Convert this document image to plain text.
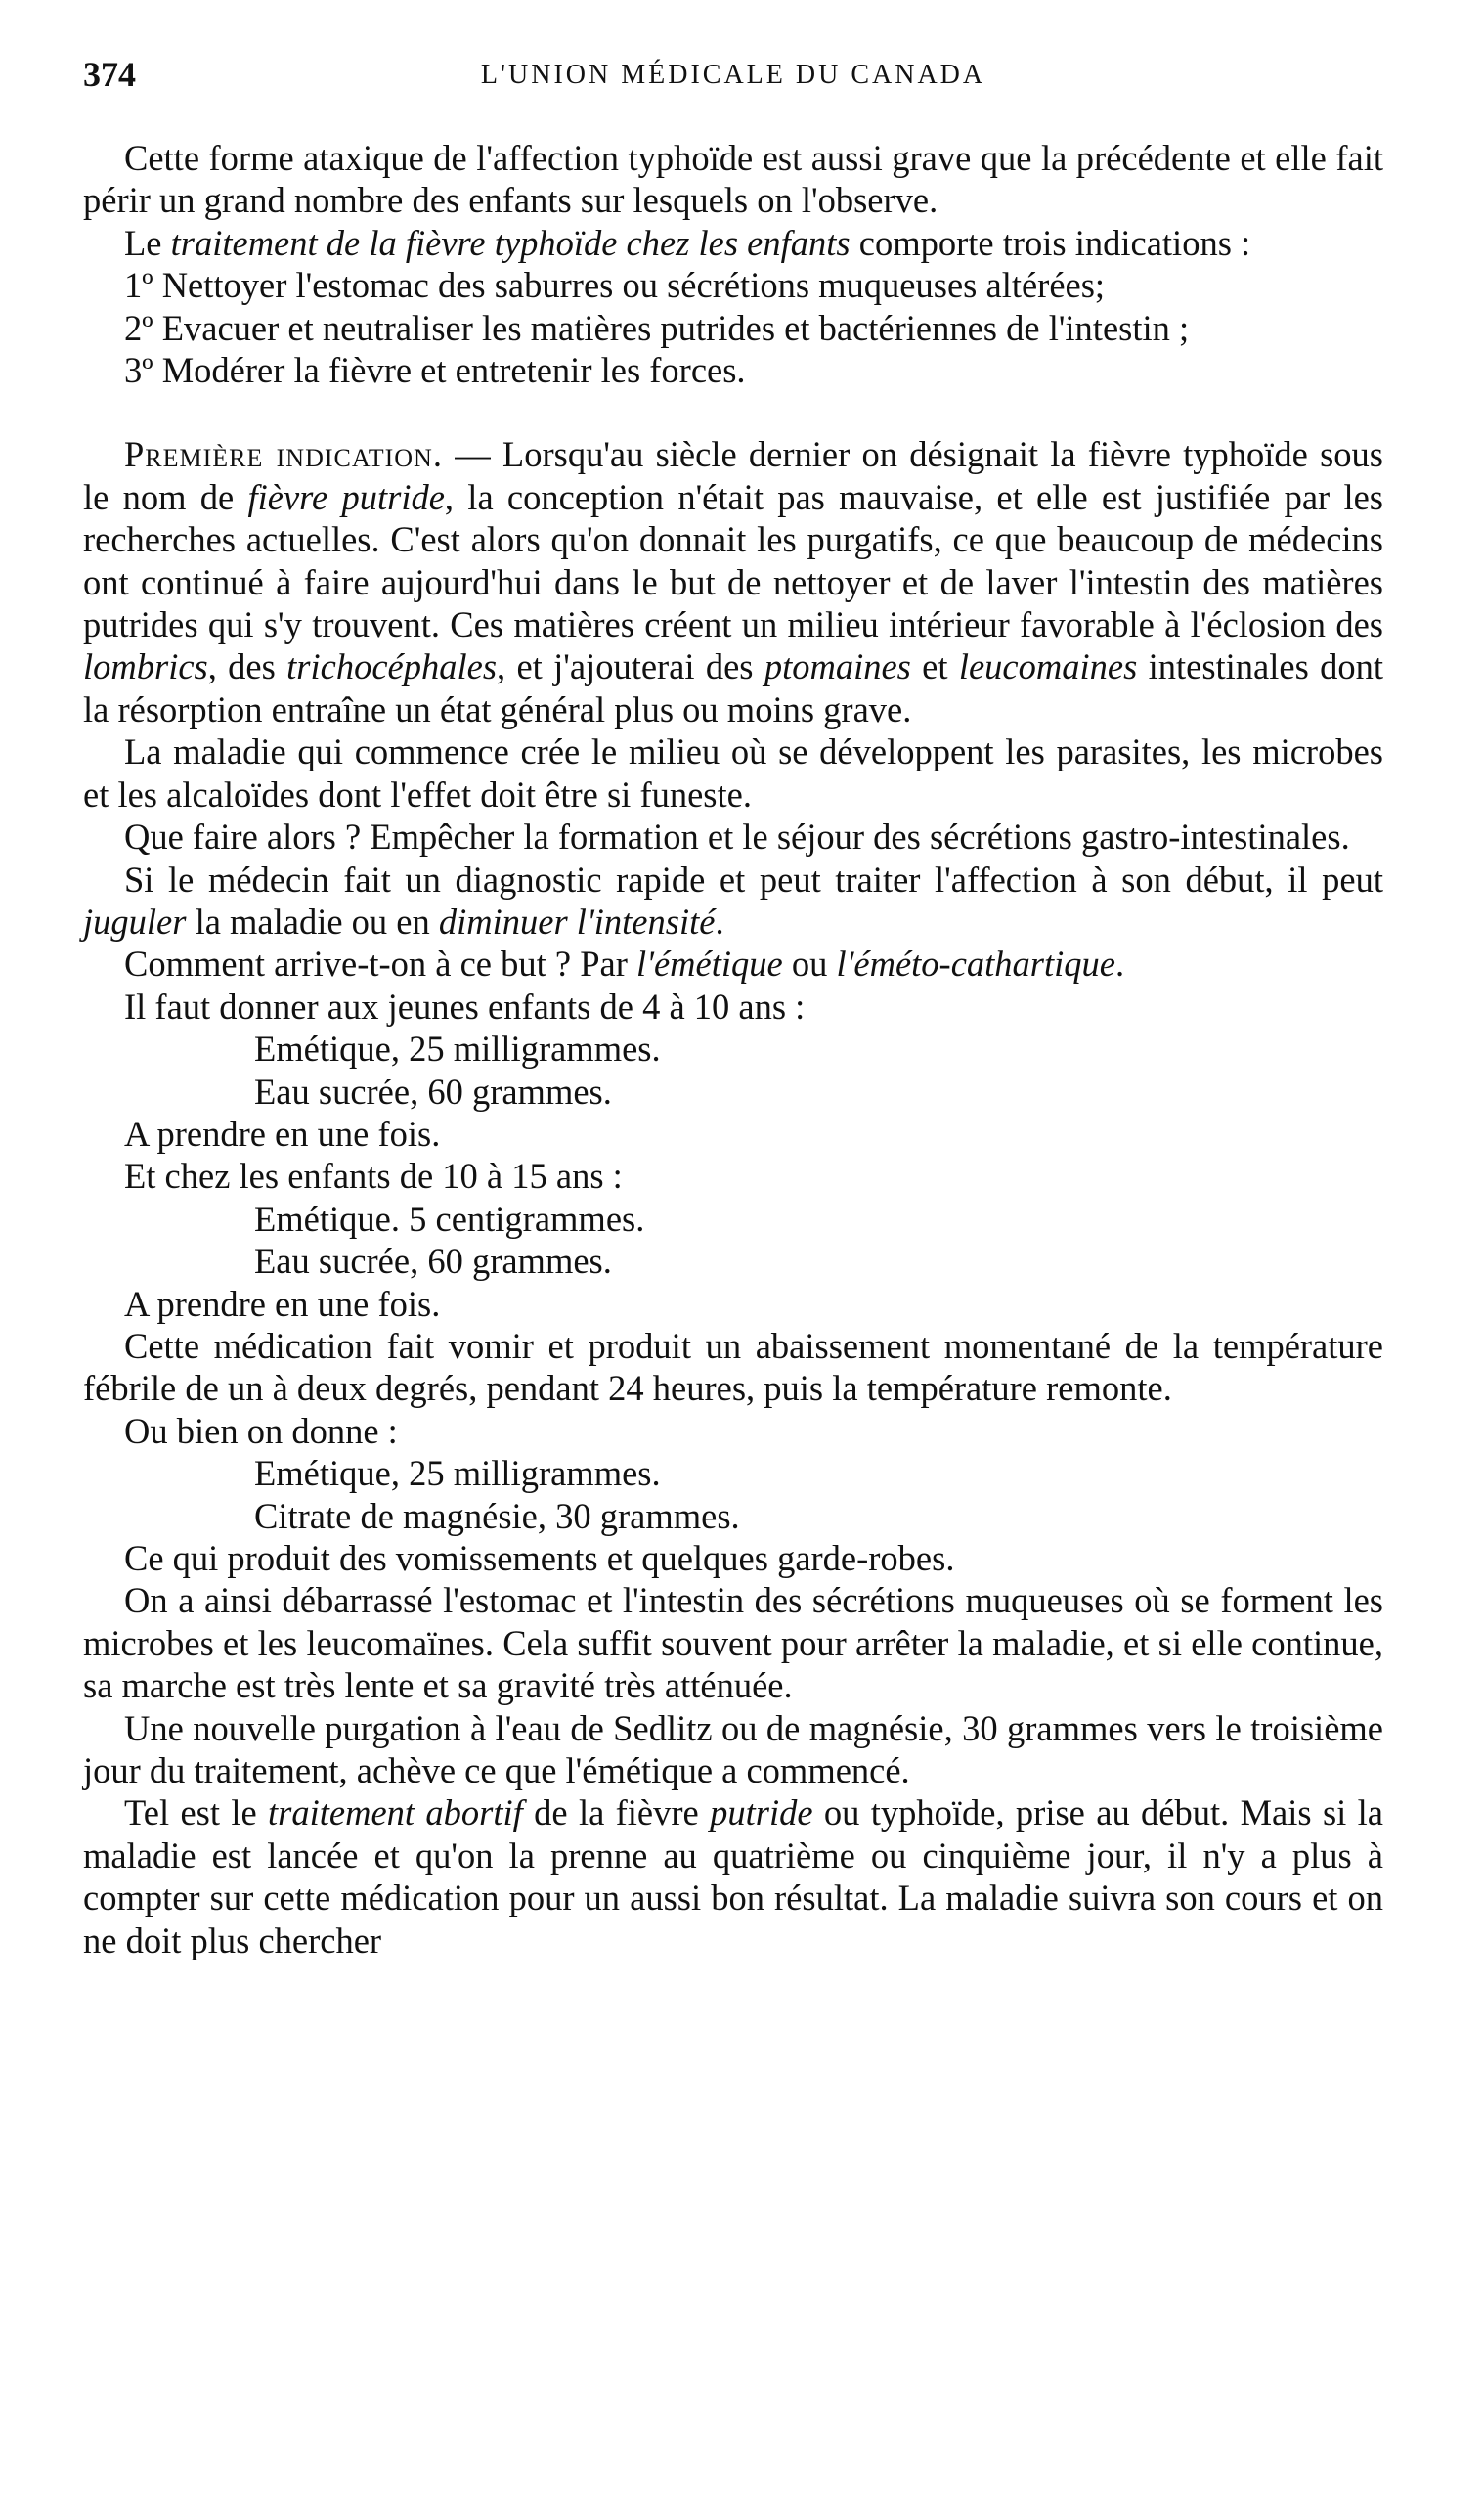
374	L'UNION MÉDICALE DU CANADA

Cette forme ataxique de l'affection typhoïde est aussi grave que la précédente et elle fait périr un grand nombre des enfants sur lesquels on l'observe.

Le traitement de la fièvre typhoïde chez les enfants comporte trois indications :

1º Nettoyer l'estomac des saburres ou sécrétions muqueuses altérées;

2º Evacuer et neutraliser les matières putrides et bactériennes de l'intestin ;

3º Modérer la fièvre et entretenir les forces.

Première indication. — Lorsqu'au siècle dernier on désignait la fièvre typhoïde sous le nom de fièvre putride, la conception n'était pas mauvaise, et elle est justifiée par les recherches actuelles. C'est alors qu'on donnait les purgatifs, ce que beaucoup de médecins ont continué à faire aujourd'hui dans le but de nettoyer et de laver l'intestin des matières putrides qui s'y trouvent. Ces matières créent un milieu intérieur favorable à l'éclosion des lombrics, des trichocéphales, et j'ajouterai des ptomaines et leucomaines intestinales dont la résorption entraîne un état général plus ou moins grave.

La maladie qui commence crée le milieu où se développent les parasites, les microbes et les alcaloïdes dont l'effet doit être si funeste.

Que faire alors ? Empêcher la formation et le séjour des sécrétions gastro-intestinales.

Si le médecin fait un diagnostic rapide et peut traiter l'affection à son début, il peut juguler la maladie ou en diminuer l'intensité.

Comment arrive-t-on à ce but ? Par l'émétique ou l'éméto-cathartique.

Il faut donner aux jeunes enfants de 4 à 10 ans :

Emétique, 25 milligrammes.

Eau sucrée, 60 grammes.

A prendre en une fois.

Et chez les enfants de 10 à 15 ans :

Emétique. 5 centigrammes.

Eau sucrée, 60 grammes.

A prendre en une fois.

Cette médication fait vomir et produit un abaissement momentané de la température fébrile de un à deux degrés, pendant 24 heures, puis la température remonte.

Ou bien on donne :

Emétique, 25 milligrammes.

Citrate de magnésie, 30 grammes.

Ce qui produit des vomissements et quelques garde-robes.

On a ainsi débarrassé l'estomac et l'intestin des sécrétions muqueuses où se forment les microbes et les leucomaïnes. Cela suffit souvent pour arrêter la maladie, et si elle continue, sa marche est très lente et sa gravité très atténuée.

Une nouvelle purgation à l'eau de Sedlitz ou de magnésie, 30 grammes vers le troisième jour du traitement, achève ce que l'émétique a commencé.

Tel est le traitement abortif de la fièvre putride ou typhoïde, prise au début. Mais si la maladie est lancée et qu'on la prenne au quatrième ou cinquième jour, il n'y a plus à compter sur cette médication pour un aussi bon résultat. La maladie suivra son cours et on ne doit plus chercher
